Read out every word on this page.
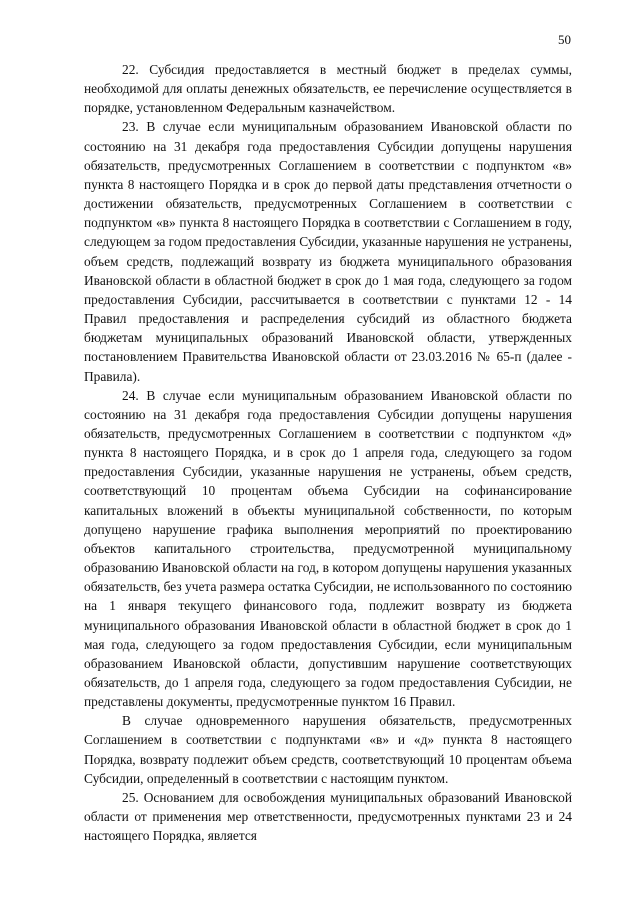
50

22. Субсидия предоставляется в местный бюджет в пределах суммы, необходимой для оплаты денежных обязательств, ее перечисление осуществляется в порядке, установленном Федеральным казначейством.

23. В случае если муниципальным образованием Ивановской области по состоянию на 31 декабря года предоставления Субсидии допущены нарушения обязательств, предусмотренных Соглашением в соответствии с подпунктом «в» пункта 8 настоящего Порядка и в срок до первой даты представления отчетности о достижении обязательств, предусмотренных Соглашением в соответствии с подпунктом «в» пункта 8 настоящего Порядка в соответствии с Соглашением в году, следующем за годом предоставления Субсидии, указанные нарушения не устранены, объем средств, подлежащий возврату из бюджета муниципального образования Ивановской области в областной бюджет в срок до 1 мая года, следующего за годом предоставления Субсидии, рассчитывается в соответствии с пунктами 12 - 14 Правил предоставления и распределения субсидий из областного бюджета бюджетам муниципальных образований Ивановской области, утвержденных постановлением Правительства Ивановской области от 23.03.2016 № 65-п (далее - Правила).

24. В случае если муниципальным образованием Ивановской области по состоянию на 31 декабря года предоставления Субсидии допущены нарушения обязательств, предусмотренных Соглашением в соответствии с подпунктом «д» пункта 8 настоящего Порядка, и в срок до 1 апреля года, следующего за годом предоставления Субсидии, указанные нарушения не устранены, объем средств, соответствующий 10 процентам объема Субсидии на софинансирование капитальных вложений в объекты муниципальной собственности, по которым допущено нарушение графика выполнения мероприятий по проектированию объектов капитального строительства, предусмотренной муниципальному образованию Ивановской области на год, в котором допущены нарушения указанных обязательств, без учета размера остатка Субсидии, не использованного по состоянию на 1 января текущего финансового года, подлежит возврату из бюджета муниципального образования Ивановской области в областной бюджет в срок до 1 мая года, следующего за годом предоставления Субсидии, если муниципальным образованием Ивановской области, допустившим нарушение соответствующих обязательств, до 1 апреля года, следующего за годом предоставления Субсидии, не представлены документы, предусмотренные пунктом 16 Правил.

В случае одновременного нарушения обязательств, предусмотренных Соглашением в соответствии с подпунктами «в» и «д» пункта 8 настоящего Порядка, возврату подлежит объем средств, соответствующий 10 процентам объема Субсидии, определенный в соответствии с настоящим пунктом.

25. Основанием для освобождения муниципальных образований Ивановской области от применения мер ответственности, предусмотренных пунктами 23 и 24 настоящего Порядка, является
